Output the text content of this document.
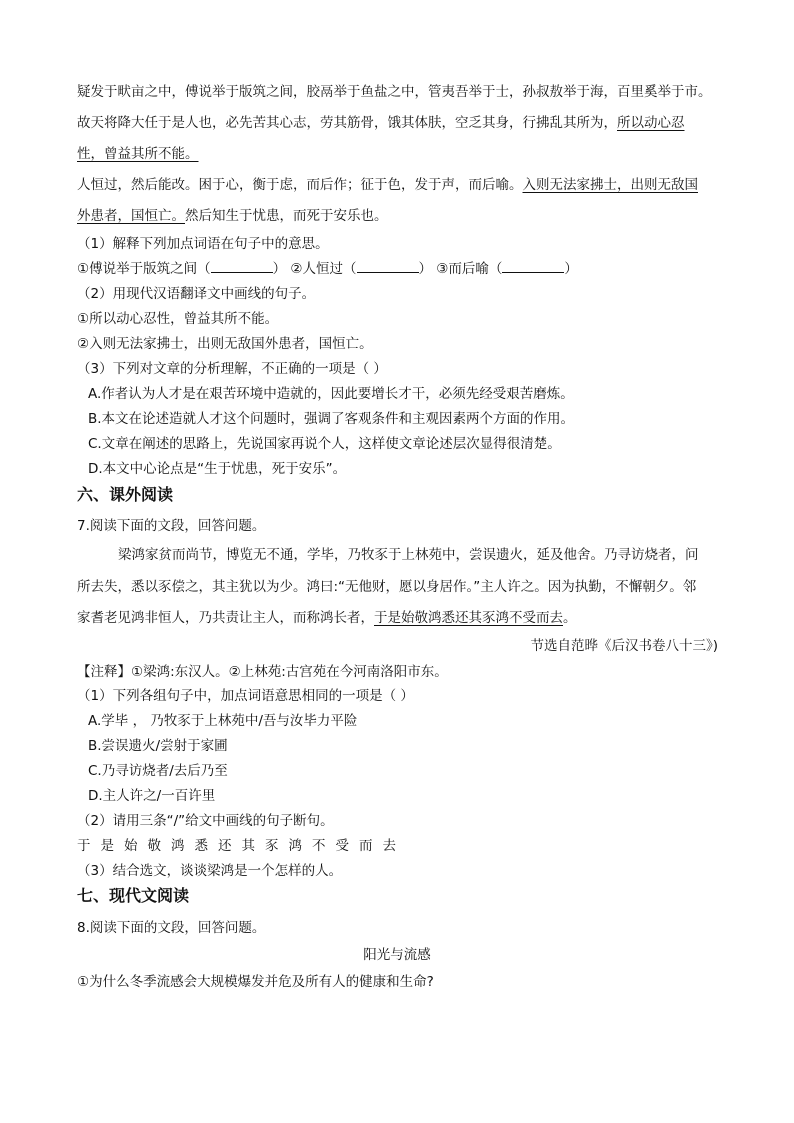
疑发于畎亩之中，傅说举于版筑之间，胶鬲举于鱼盐之中，管夷吾举于士，孙叔敖举于海，百里奚举于市。
故天将降大任于是人也，必先苦其心志，劳其筋骨，饿其体肤，空乏其身，行拂乱其所为，所以动心忍
性，曾益其所不能。
人恒过，然后能改。困于心，衡于虑，而后作；征于色，发于声，而后喻。入则无法家拂士，出则无敌国
外患者，国恒亡。然后知生于忧患，而死于安乐也。
（1）解释下列加点词语在句子中的意思。
①傅说举于版筑之间（	） ②人恒过（	） ③而后喻（	）
（2）用现代汉语翻译文中画线的句子。
①所以动心忍性，曾益其所不能。
②入则无法家拂士，出则无敌国外患者，国恒亡。
（3）下列对文章的分析理解，不正确的一项是（ ）
A.作者认为人才是在艰苦环境中造就的，因此要增长才干，必须先经受艰苦磨炼。
B.本文在论述造就人才这个问题时，强调了客观条件和主观因素两个方面的作用。
C.文章在阐述的思路上，先说国家再说个人，这样使文章论述层次显得很清楚。
D.本文中心论点是“生于忧患，死于安乐”。
六、课外阅读
7.阅读下面的文段，回答问题。
梁鸿家贫而尚节，博览无不通，学毕，乃牧豕于上林苑中，尝误遗火，延及他舍。乃寻访烧者，问
所去失，悉以豕偿之，其主犹以为少。鸿曰:“无他财，愿以身居作。”主人许之。因为执勤，不懈朝夕。邻
家耆老见鸿非恒人，乃共责让主人，而称鸿长者，于是始敬鸿悉还其豕鸿不受而去。
节选自范晔《后汉书卷八十三》)
【注释】①梁鸿:东汉人。②上林苑:古宫苑在今河南洛阳市东。
（1）下列各组句子中，加点词语意思相同的一项是（ ）
A.学毕 ， 乃牧豕于上林苑中/吾与汝毕力平险
B.尝误遗火/尝射于家圃
C.乃寻访烧者/去后乃至
D.主人许之/一百许里
（2）请用三条“/”给文中画线的句子断句。
于 是 始 敬 鸿 悉 还 其 豕 鸿 不 受 而 去
（3）结合选文，谈谈梁鸿是一个怎样的人。
七、现代文阅读
8.阅读下面的文段，回答问题。
阳光与流感
①为什么冬季流感会大规模爆发并危及所有人的健康和生命?
